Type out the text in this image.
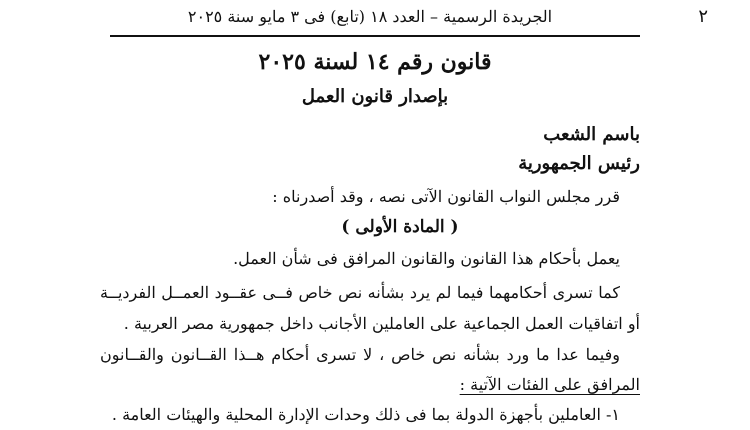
٢
الجريدة الرسمية – العدد ١٨ (تابع) فى ٣ مايو سنة ٢٠٢٥
قانون رقم ١٤ لسنة ٢٠٢٥
بإصدار قانون العمل
باسم الشعب
رئيس الجمهورية
قرر مجلس النواب القانون الآتى نصه ، وقد أصدرناه :
( المادة الأولى )
يعمل بأحكام هذا القانون والقانون المرافق فى شأن العمل.
كما تسرى أحكامهما فيما لم يرد بشأنه نص خاص فــى عقــود العمــل الفرديــة
أو اتفاقيات العمل الجماعية على العاملين الأجانب داخل جمهورية مصر العربية .
وفيما عدا ما ورد بشأنه نص خاص ، لا تسرى أحكام هــذا القــانون والقــانون
المرافق على الفئات الآتية :
١- العاملين بأجهزة الدولة بما فى ذلك وحدات الإدارة المحلية والهيئات العامة .
